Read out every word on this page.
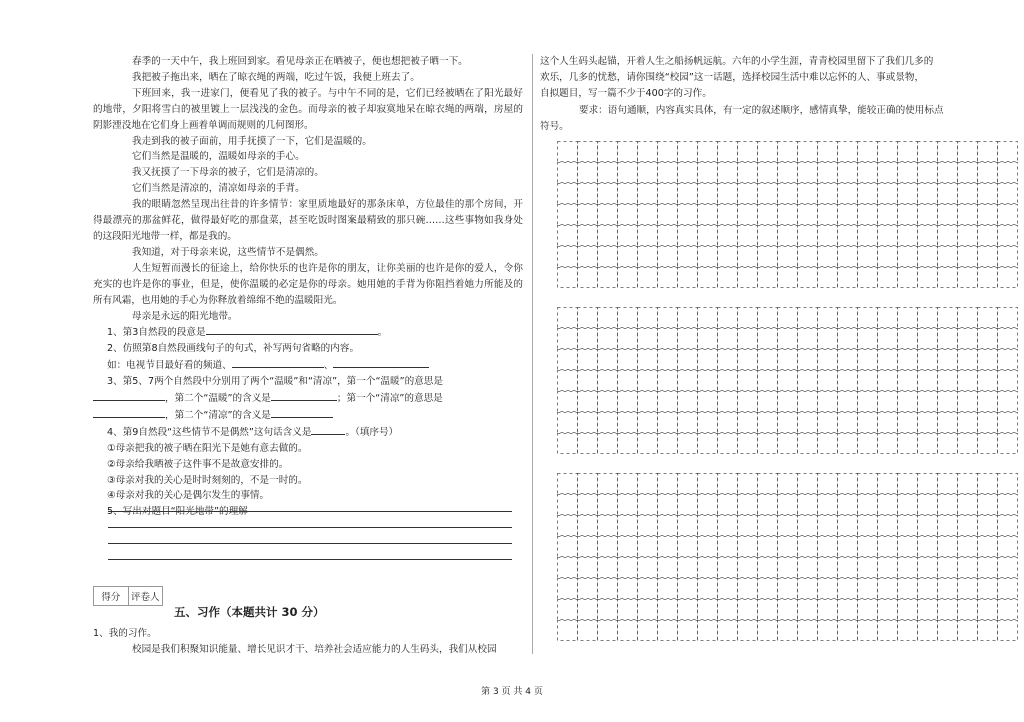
春季的一天中午，我上班回到家。看见母亲正在晒被子，便也想把被子晒一下。

我把被子拖出来，晒在了晾衣绳的两端，吃过午饭，我便上班去了。

下班回来，我一进家门，便看见了我的被子。与中午不同的是，它们已经被晒在了阳光最好的地带，夕阳将雪白的被里镀上一层浅浅的金色。而母亲的被子却寂寞地呆在晾衣绳的两端，房屋的阴影湮没地在它们身上画着单调而规则的几何图形。

我走到我的被子面前，用手抚摸了一下，它们是温暖的。

它们当然是温暖的，温暖如母亲的手心。

我又抚摸了一下母亲的被子，它们是清凉的。

它们当然是清凉的，清凉如母亲的手背。

我的眼睛忽然呈现出往昔的许多情节：家里质地最好的那条床单，方位最佳的那个房间，开得最漂亮的那盆鲜花，做得最好吃的那盘菜，甚至吃饭时图案最精致的那只碗……这些事物如我身处的这段阳光地带一样，都是我的。

我知道，对于母亲来说，这些情节不是偶然。

人生短暂而漫长的征途上，给你快乐的也许是你的朋友，让你美丽的也许是你的爱人，令你充实的也许是你的事业，但是，使你温暖的必定是你的母亲。她用她的手背为你阻挡着她力所能及的所有风霜，也用她的手心为你释放着绵绵不绝的温暖阳光。

母亲是永远的阳光地带。

1、第3自然段的段意是	。

2、仿照第8自然段画线句子的句式，补写两句省略的内容。

如：电视节目最好看的频道、	、

3、第5、7两个自然段中分别用了两个“温暖”和“清凉”，第一个“温暖”的意思是

，第二个“温暖”的含义是	；第一个“清凉”的意思是

，第二个“清凉”的含义是

4、第9自然段“这些情节不是偶然”这句话含义是	。（填序号）

①母亲把我的被子晒在阳光下是她有意去做的。

②母亲给我晒被子这件事不是故意安排的。

③母亲对我的关心是时时刻刻的，不是一时的。

④母亲对我的关心是偶尔发生的事情。

5、写出对题目“阳光地带”的理解

得分	评卷人
五、习作（本题共计 30 分）

1、我的习作。

校园是我们积聚知识能量、增长见识才干、培养社会适应能力的人生码头，我们从校园

这个人生码头起锚，开着人生之船扬帆远航。六年的小学生涯，青青校园里留下了我们几多的

欢乐，几多的忧愁，请你围绕“校园”这一话题，选择校园生活中难以忘怀的人、事或景物，

自拟题目，写一篇不少于400字的习作。

要求：语句通顺，内容真实具体，有一定的叙述顺序，感情真挚，能较正确的使用标点

符号。

第 3 页 共 4 页
